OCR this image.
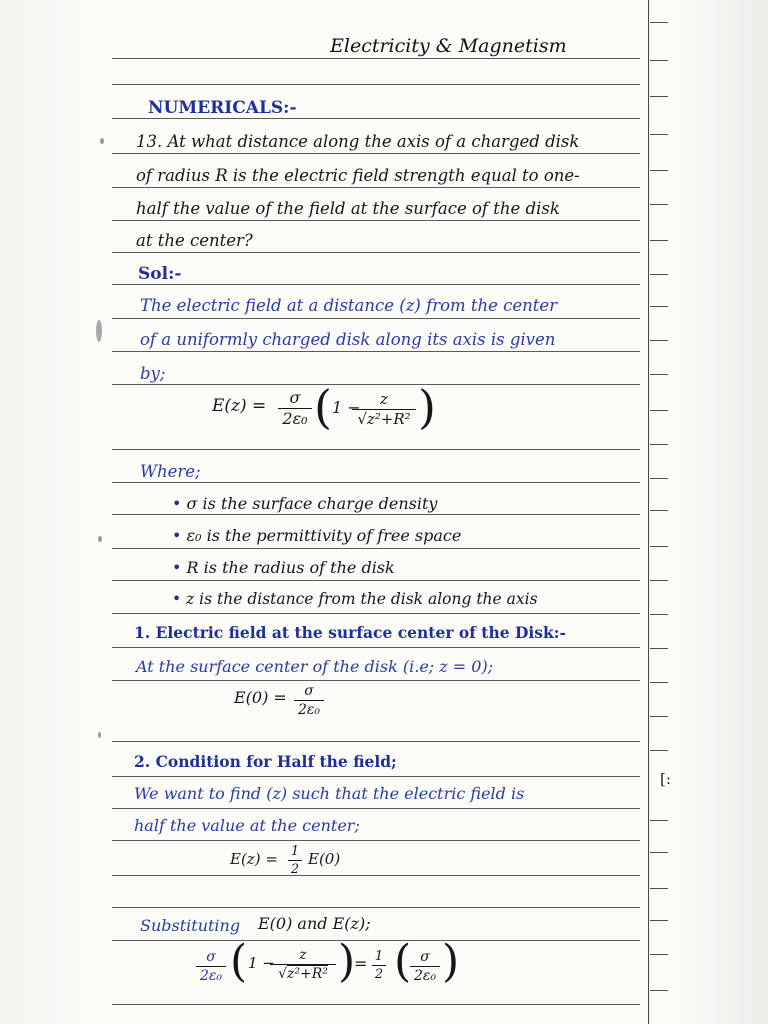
[:
Electricity & Magnetism
NUMERICALS:-
13. At what distance along the axis of a charged disk
of radius R is the electric field strength equal to one-
half the value of the field at the surface of the disk
at the center?
Sol:-
The electric field at a distance (z) from the center
of a uniformly charged disk along its axis is given
by;
E(z) =	σ
2ε₀ ( 1 −	z
√z²+R² )
Where;
• σ is the surface charge density
• ε₀ is the permittivity of free space
• R is the radius of the disk
• z is the distance from the disk along the axis
1. Electric field at the surface center of the Disk:-
At the surface center of the disk (i.e; z = 0);
E(0) =	σ
2ε₀
2. Condition for Half the field;
We want to find (z) such that the electric field is
half the value at the center;
E(z) = 1
2
E(0)
Substituting E(0) and E(z);
σ
2ε₀ ( 1 −	z
√z²+R² )
= 1
2 ( σ
2ε₀ )
